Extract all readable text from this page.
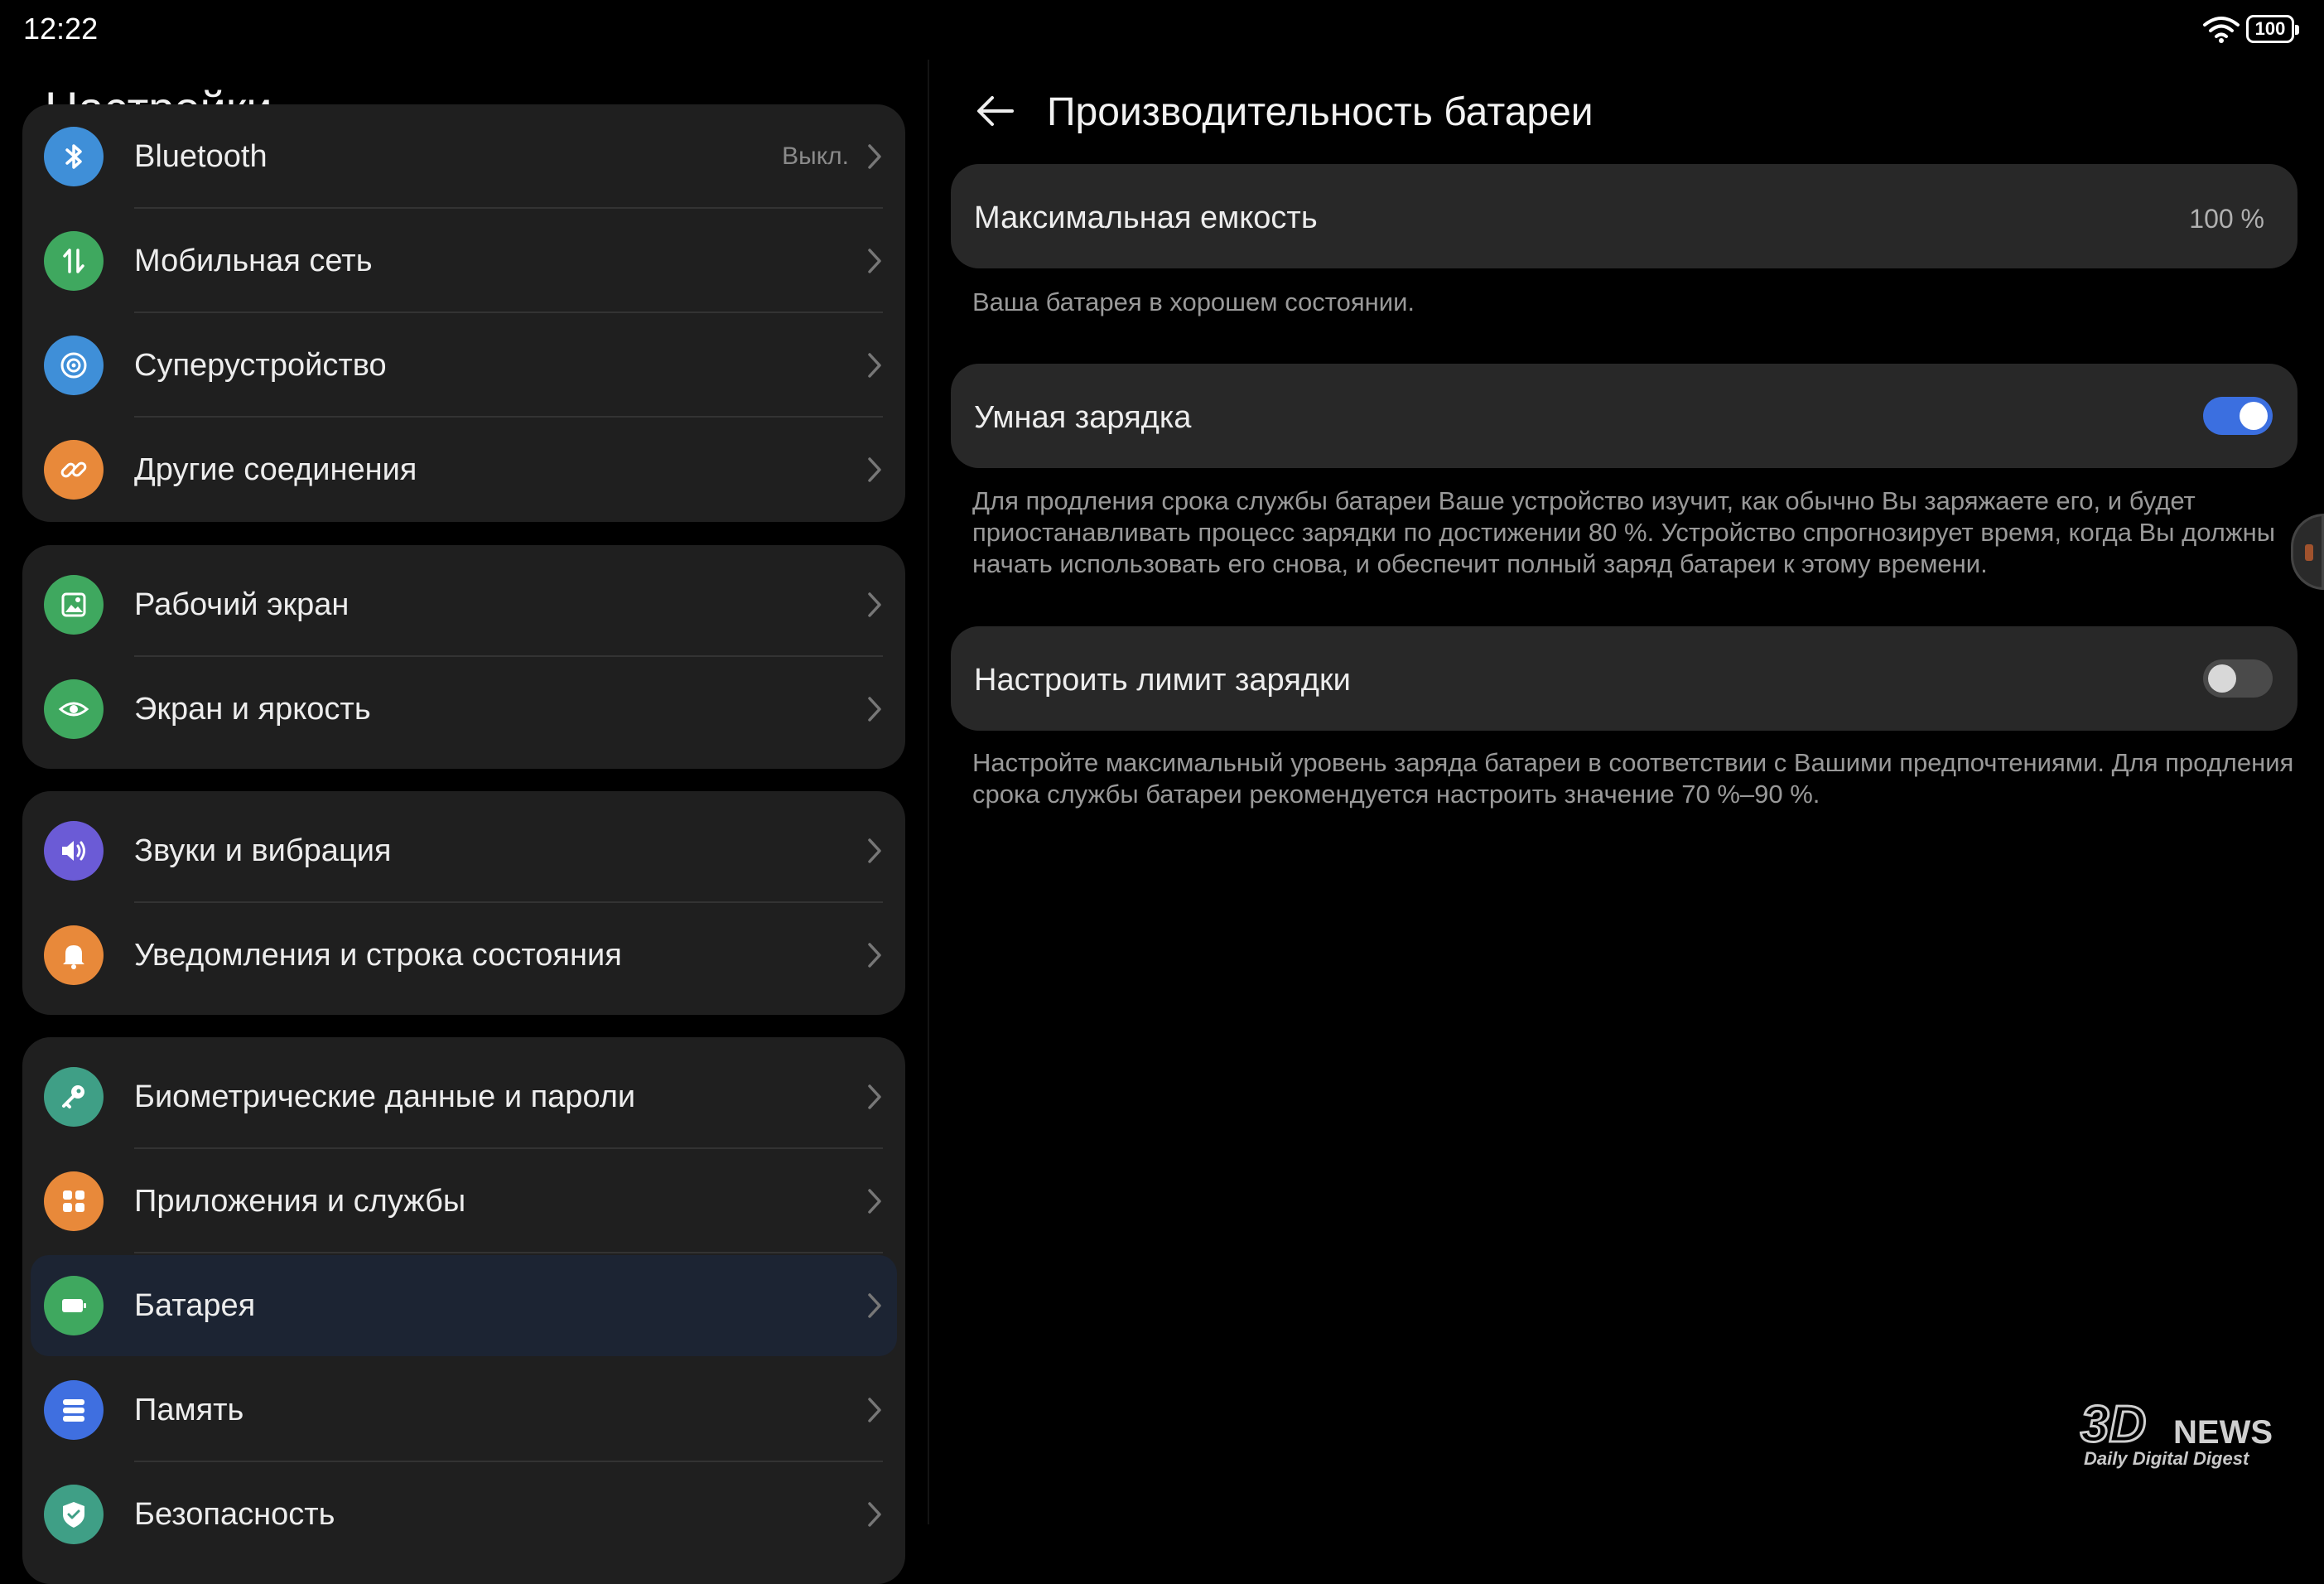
12:22	100
Bluetooth	Выкл.
Мобильная сеть
Суперустройство
Другие соединения
Рабочий экран
Экран и яркость
Звуки и вибрация
Уведомления и строка состояния
Биометрические данные и пароли
Приложения и службы
Батарея
Память
Безопасность
Производительность батареи
Максимальная емкость	100 %
Ваша батарея в хорошем состоянии.
Умная зарядка
Для продления срока службы батареи Ваше устройство изучит, как обычно Вы заряжаете его, и будет приостанавливать процесс зарядки по достижении 80 %. Устройство спрогнозирует время, когда Вы должны начать использовать его снова, и обеспечит полный заряд батареи к этому времени.
Настроить лимит зарядки
Настройте максимальный уровень заряда батареи в соответствии с Вашими предпочтениями. Для продления срока службы батареи рекомендуется настроить значение 70 %–90 %.
3D NEWS
Daily Digital Digest
